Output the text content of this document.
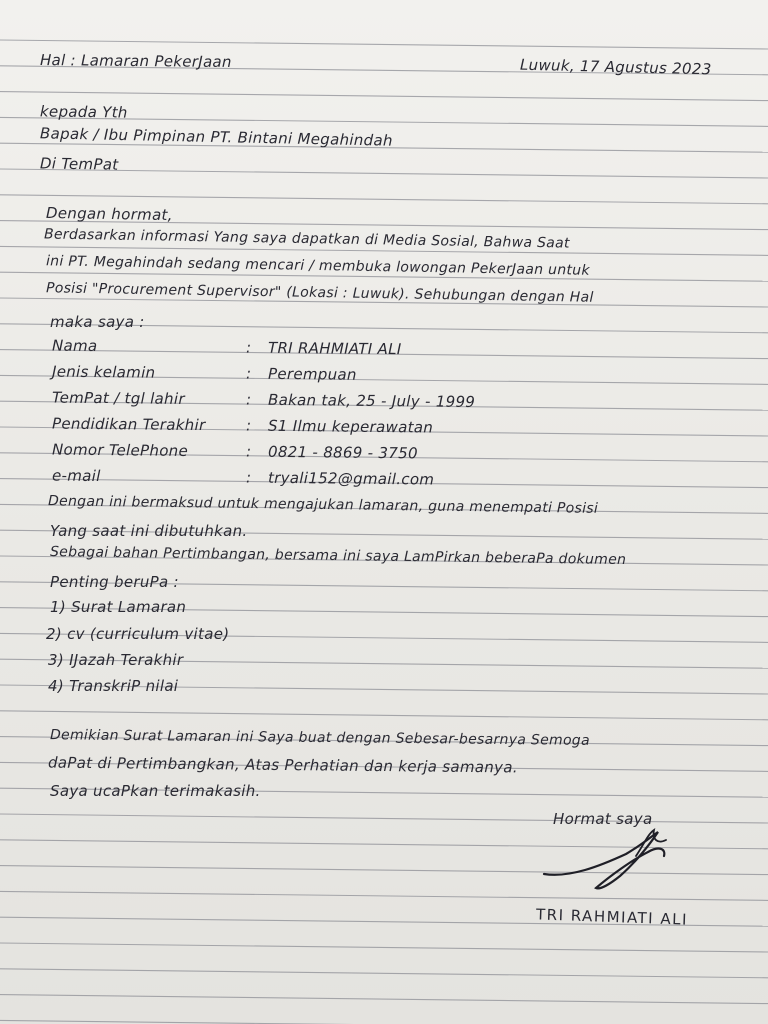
Hal : Lamaran PekerJaan	Luwuk, 17 Agustus 2023
kepada Yth
Bapak / Ibu Pimpinan PT. Bintani Megahindah
Di TemPat
Dengan hormat,
Berdasarkan informasi Yang saya dapatkan di Media Sosial, Bahwa Saat
ini PT. Megahindah sedang mencari / membuka lowongan PekerJaan untuk
Posisi "Procurement Supervisor" (Lokasi : Luwuk). Sehubungan dengan Hal
maka saya :
Nama	: TRI RAHMIATI ALI
Jenis kelamin	: Perempuan
TemPat / tgl lahir	: Bakan tak, 25 - July - 1999
Pendidikan Terakhir	: S1 Ilmu keperawatan
Nomor TelePhone	: 0821 - 8869 - 3750
e-mail	: tryali152@gmail.com
Dengan ini bermaksud untuk mengajukan lamaran, guna menempati Posisi
Yang saat ini dibutuhkan.
Sebagai bahan Pertimbangan, bersama ini saya LamPirkan beberaPa dokumen
Penting beruPa :
1) Surat Lamaran
2) cv (curriculum vitae)
3) IJazah Terakhir
4) TranskriP nilai
Demikian Surat Lamaran ini Saya buat dengan Sebesar-besarnya Semoga
daPat di Pertimbangkan, Atas Perhatian dan kerja samanya.
Saya ucaPkan terimakasih.
Hormat saya
TRI RAHMIATI ALI
